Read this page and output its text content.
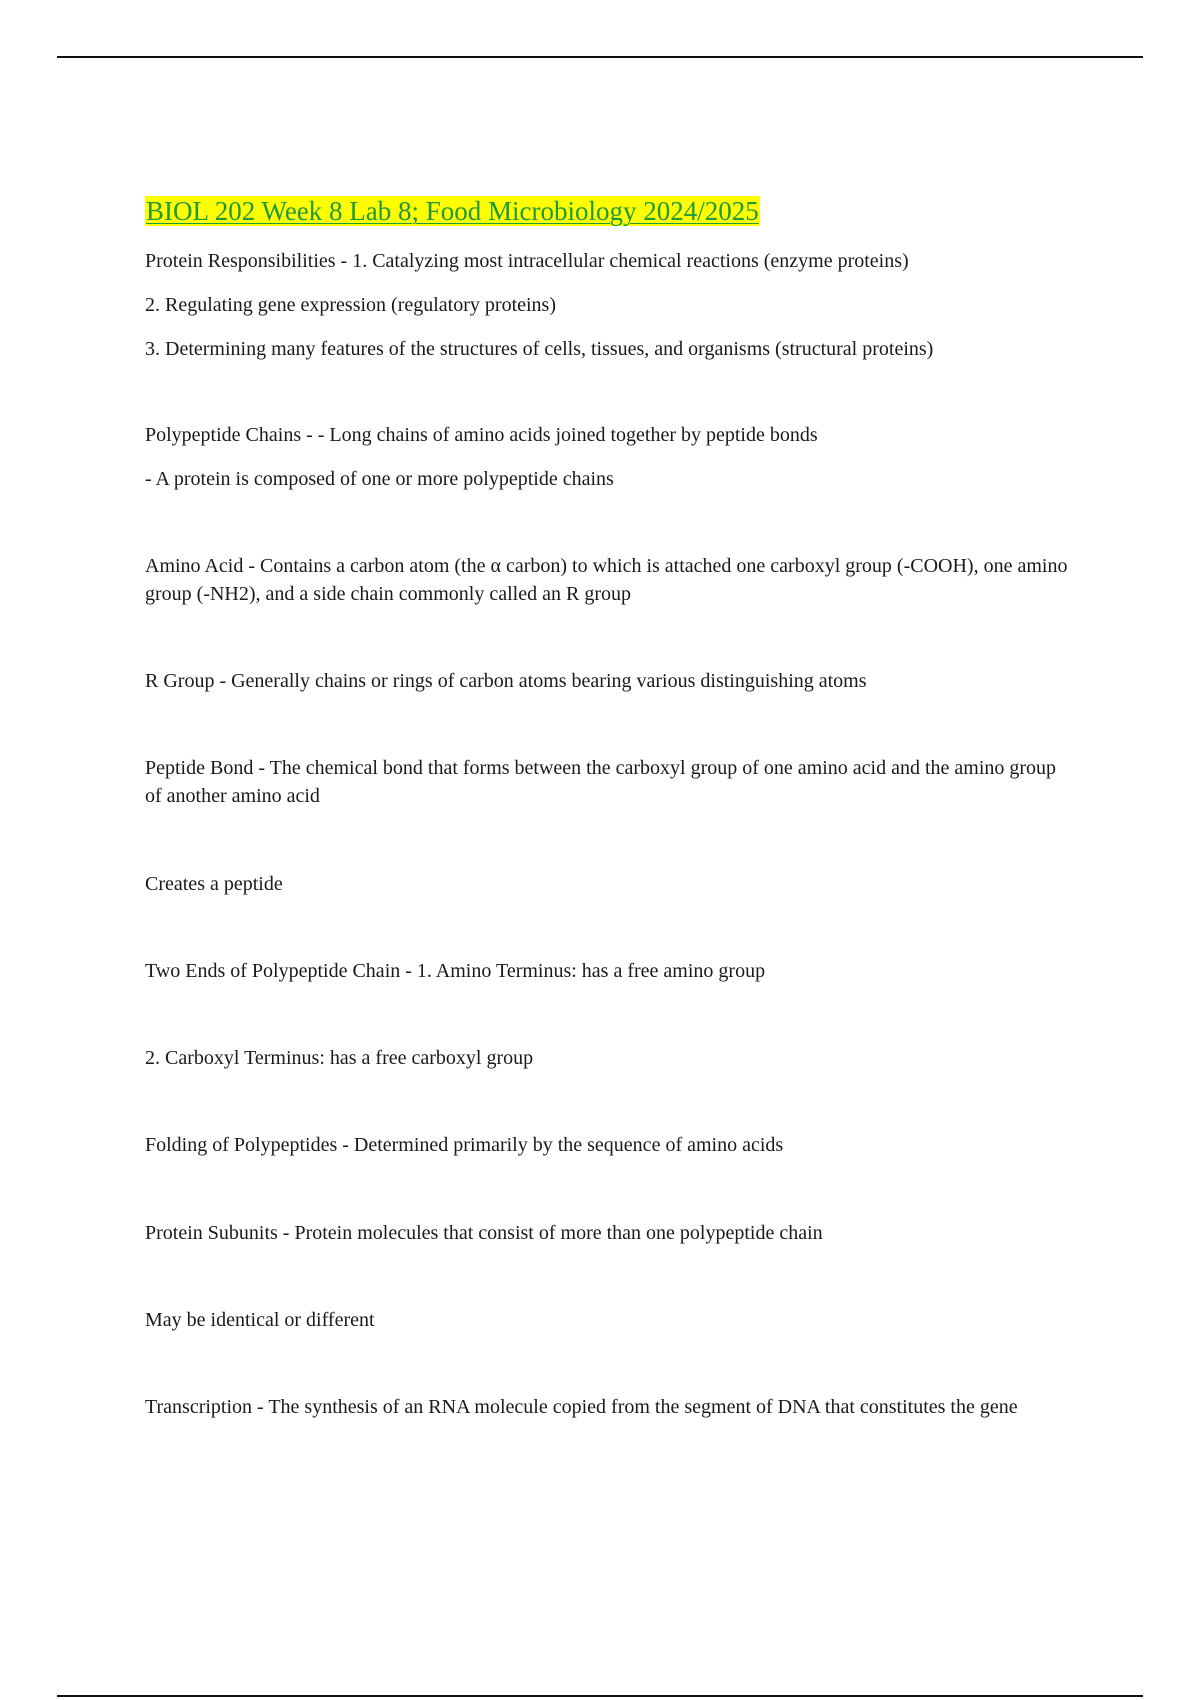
BIOL 202 Week 8 Lab 8; Food Microbiology 2024/2025

Protein Responsibilities - 1. Catalyzing most intracellular chemical reactions (enzyme proteins)

2. Regulating gene expression (regulatory proteins)

3. Determining many features of the structures of cells, tissues, and organisms (structural proteins)

Polypeptide Chains - - Long chains of amino acids joined together by peptide bonds

- A protein is composed of one or more polypeptide chains

Amino Acid - Contains a carbon atom (the α carbon) to which is attached one carboxyl group (-COOH), one amino group (-NH2), and a side chain commonly called an R group

R Group - Generally chains or rings of carbon atoms bearing various distinguishing atoms

Peptide Bond - The chemical bond that forms between the carboxyl group of one amino acid and the amino group of another amino acid

Creates a peptide

Two Ends of Polypeptide Chain - 1. Amino Terminus: has a free amino group

2. Carboxyl Terminus: has a free carboxyl group

Folding of Polypeptides - Determined primarily by the sequence of amino acids

Protein Subunits - Protein molecules that consist of more than one polypeptide chain

May be identical or different

Transcription - The synthesis of an RNA molecule copied from the segment of DNA that constitutes the gene
